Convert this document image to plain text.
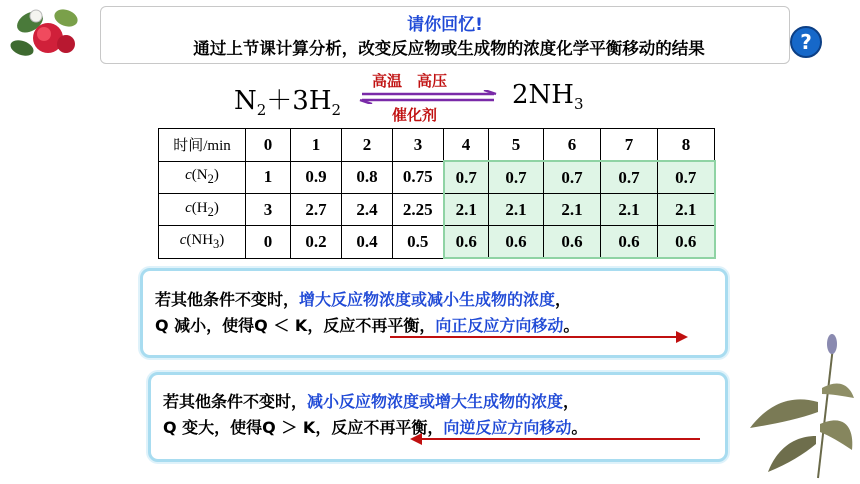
请你回忆!
通过上节课计算分析，改变反应物或生成物的浓度化学平衡移动的结果	?
$N_2+3H_2$
高温　高压
催化剂
$2NH_3$
时间/min	0	1	2	3	4	5	6	7	8
$c(N_2)$	1	0.9	0.8	0.75	0.7	0.7	0.7	0.7	0.7
$c(H_2)$	3	2.7	2.4	2.25	2.1	2.1	2.1	2.1	2.1
$c(NH_3)$	0	0.2	0.4	0.5	0.6	0.6	0.6	0.6	0.6
若其他条件不变时，增大反应物浓度或减小生成物的浓度，
Q 减小，使得Q ＜ K，反应不再平衡，向正反应方向移动。
若其他条件不变时，减小反应物浓度或增大生成物的浓度，
Q 变大，使得Q ＞ K，反应不再平衡，向逆反应方向移动。
